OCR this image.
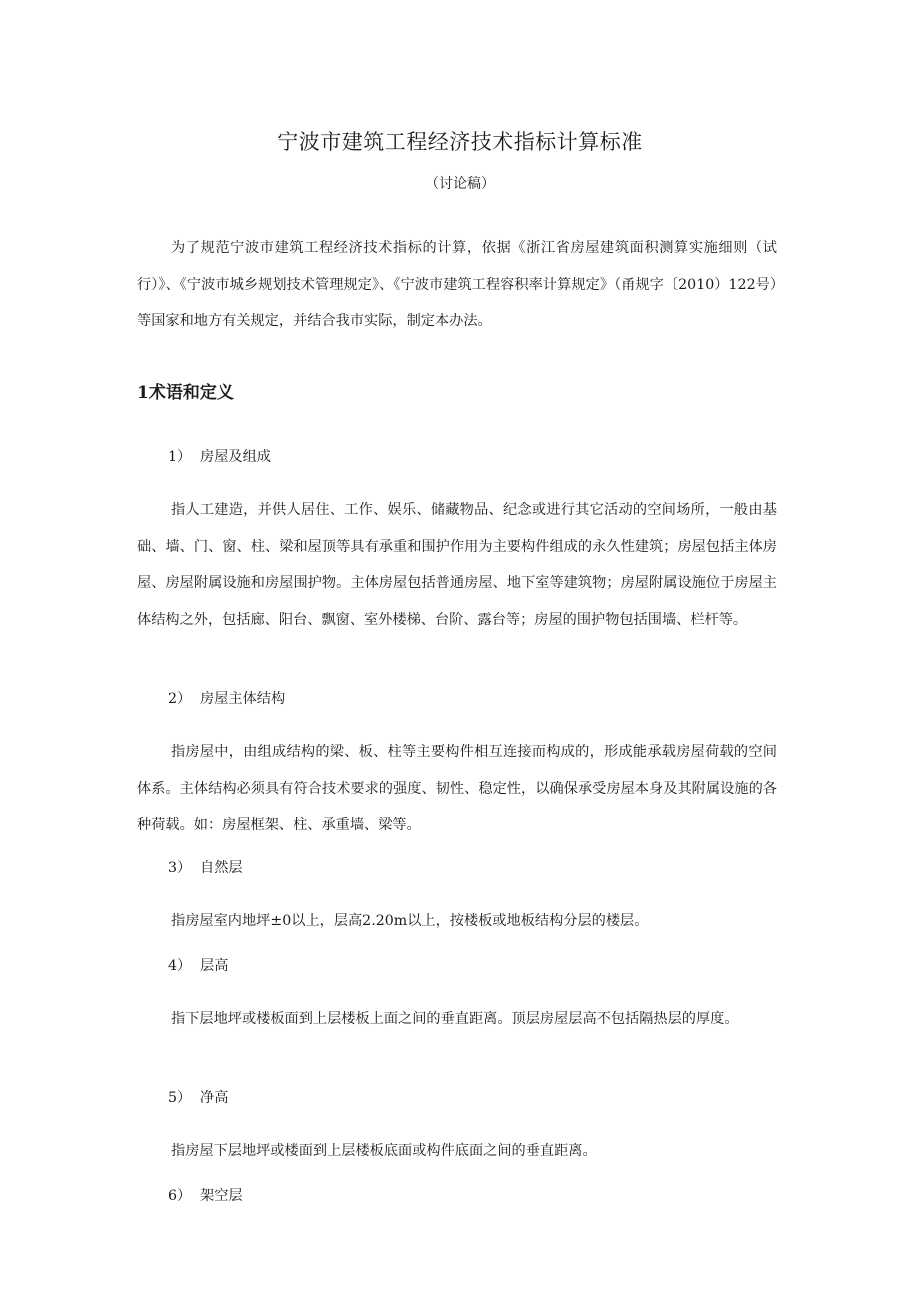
宁波市建筑工程经济技术指标计算标准
（讨论稿）

为了规范宁波市建筑工程经济技术指标的计算，依据《浙江省房屋建筑面积测算实施细则（试行）》、《宁波市城乡规划技术管理规定》、《宁波市建筑工程容积率计算规定》（甬规字〔2010）122号）等国家和地方有关规定，并结合我市实际，制定本办法。

1术语和定义
1） 房屋及组成

指人工建造，并供人居住、工作、娱乐、储藏物品、纪念或进行其它活动的空间场所，一般由基础、墙、门、窗、柱、梁和屋顶等具有承重和围护作用为主要构件组成的永久性建筑；房屋包括主体房屋、房屋附属设施和房屋围护物。主体房屋包括普通房屋、地下室等建筑物；房屋附属设施位于房屋主体结构之外，包括廊、阳台、飘窗、室外楼梯、台阶、露台等；房屋的围护物包括围墙、栏杆等。

2） 房屋主体结构

指房屋中，由组成结构的梁、板、柱等主要构件相互连接而构成的，形成能承载房屋荷载的空间体系。主体结构必须具有符合技术要求的强度、韧性、稳定性，以确保承受房屋本身及其附属设施的各种荷载。如：房屋框架、柱、承重墙、梁等。

3） 自然层

指房屋室内地坪±0以上，层高2.20m以上，按楼板或地板结构分层的楼层。

4） 层高

指下层地坪或楼板面到上层楼板上面之间的垂直距离。顶层房屋层高不包括隔热层的厚度。

5） 净高

指房屋下层地坪或楼面到上层楼板底面或构件底面之间的垂直距离。

6） 架空层
